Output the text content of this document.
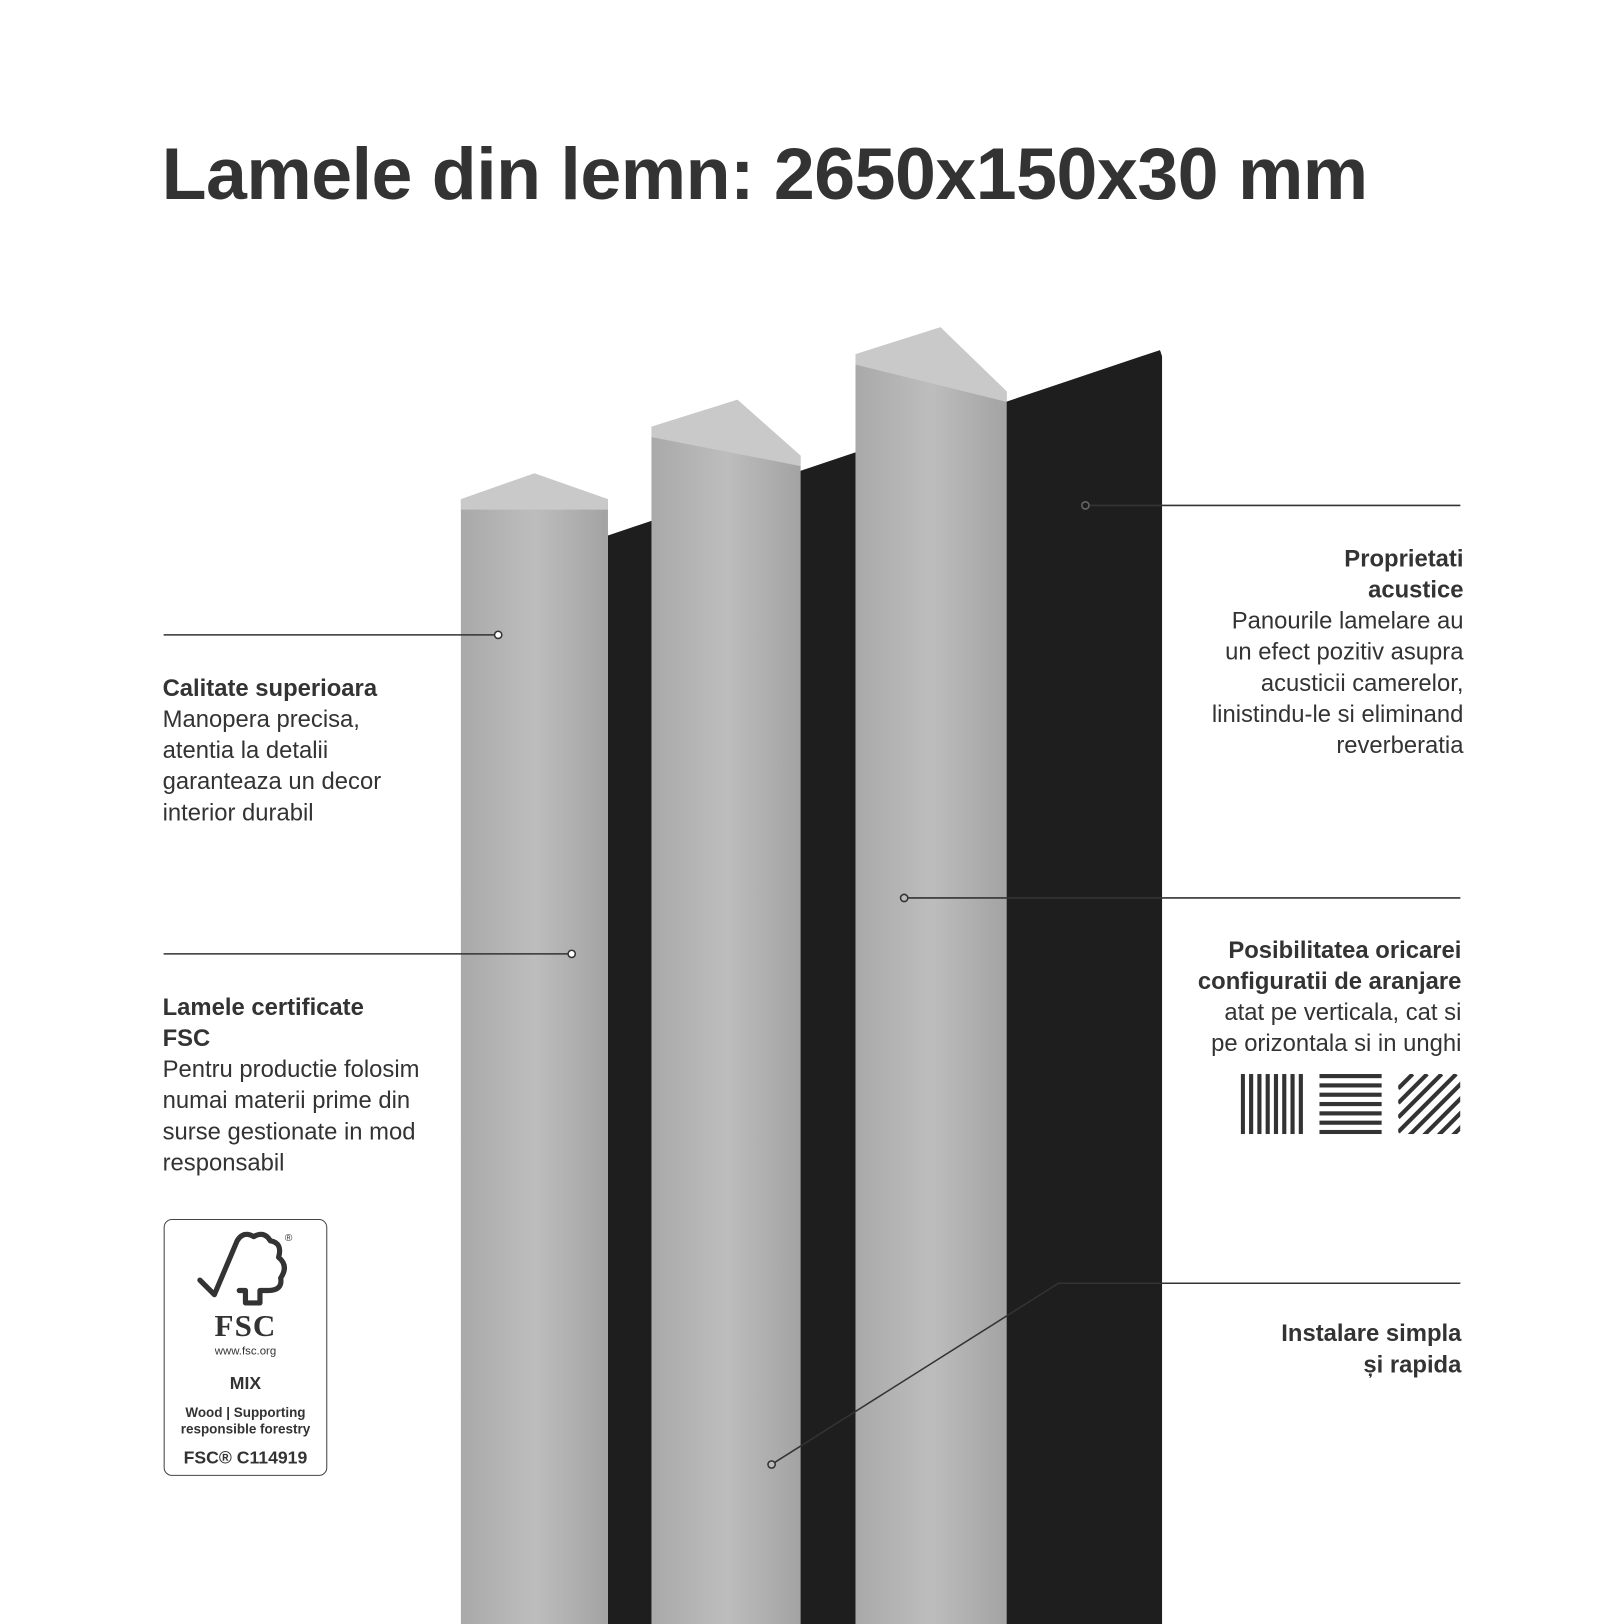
Lamele din lemn: 2650x150x30 mm
Calitate superioara
Manopera precisa,
atentia la detalii
garanteaza un decor
interior durabil
Lamele certificate
FSC
Pentru productie folosim
numai materii prime din
surse gestionate in mod
responsabil
®
FSC
www.fsc.org
MIX
Wood | Supporting
responsible forestry
FSC® C114919
Proprietati
acustice
Panourile lamelare au
un efect pozitiv asupra
acusticii camerelor,
linistindu-le si eliminand
reverberatia
Posibilitatea oricarei
configuratii de aranjare
atat pe verticala, cat si
pe orizontala si in unghi
Instalare simpla
și rapida
